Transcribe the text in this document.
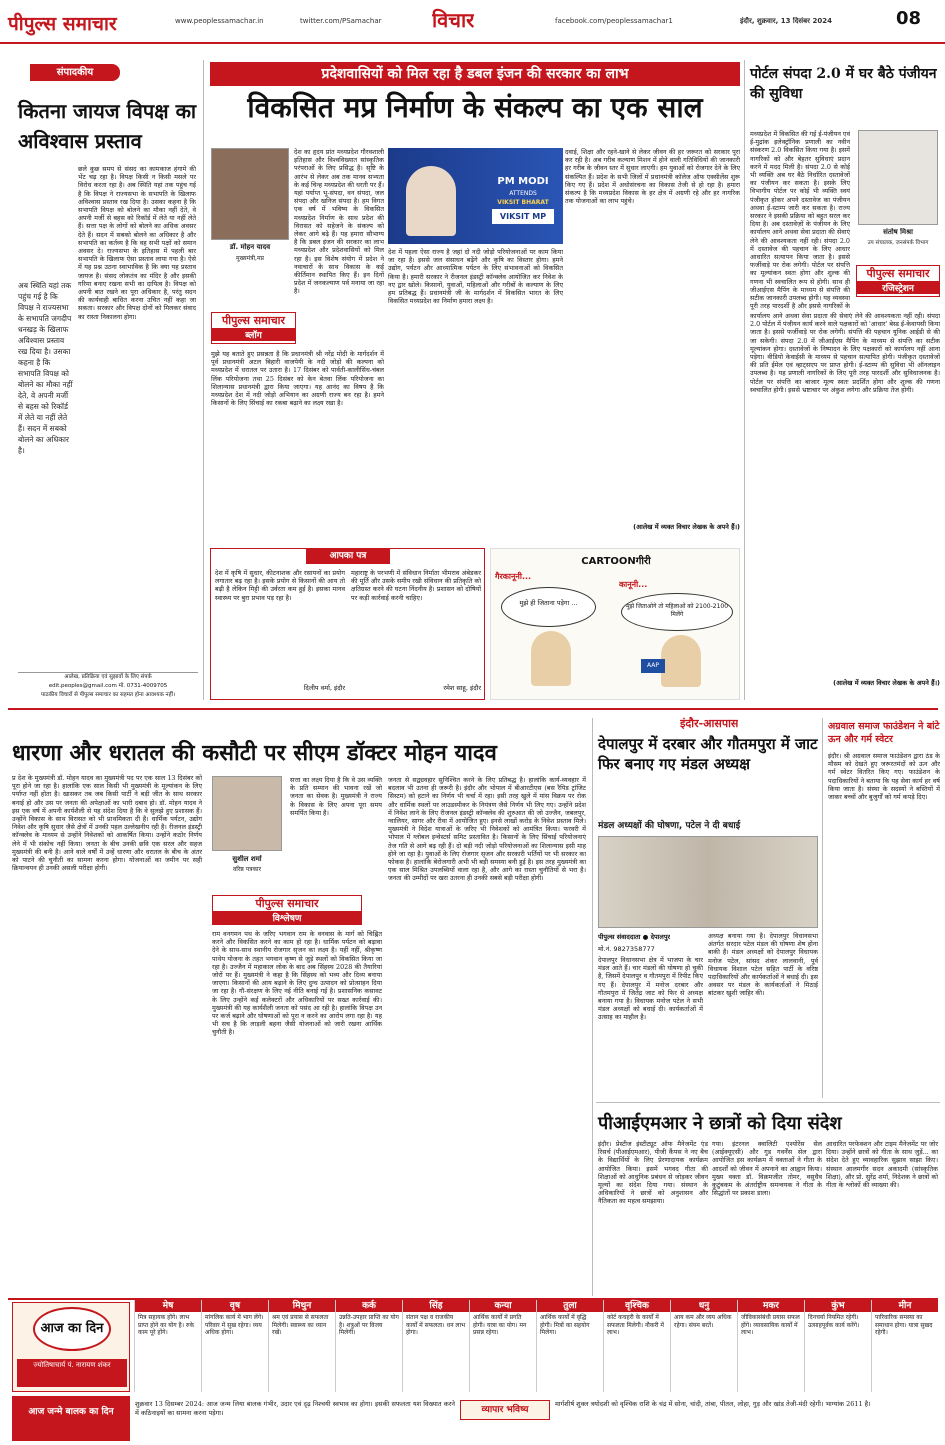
पीपुल्स समाचार	www.peoplessamachar.in	twitter.com/PSamachar	विचार	facebook.com/peoplessamachar1	इंदौर, शुक्रवार, 13 दिसंबर 2024	08
संपादकीय
कितना जायज विपक्ष का अविश्वास प्रस्ताव
अब स्थिति यहां तक पहुंच गई है कि विपक्ष ने राज्यसभा के सभापति जगदीप धनखड़ के खिलाफ अविश्वास प्रस्ताव रख दिया है। उसका कहना है कि सभापति विपक्ष को बोलने का मौका नहीं देते, वे अपनी मर्जी से बहस को रिकॉर्ड में लेते या नहीं लेते हैं। सदन में सबको बोलने का अधिकार है।
छले कुछ समय से संसद का कामकाज हंगामे की भेंट चढ़ रहा है। विपक्ष किसी न किसी मसले पर विरोध करता रहा है। अब स्थिति यहां तक पहुंच गई है कि विपक्ष ने राज्यसभा के सभापति के खिलाफ अविश्वास प्रस्ताव रख दिया है। उसका कहना है कि सभापति विपक्ष को बोलने का मौका नहीं देते, वे अपनी मर्जी से बहस को रिकॉर्ड में लेते या नहीं लेते हैं। सत्ता पक्ष के लोगों को बोलने का अधिक अवसर देते हैं। सदन में सबको बोलने का अधिकार है और सभापति का कर्तव्य है कि वह सभी पक्षों को समान अवसर दे। राज्यसभा के इतिहास में पहली बार सभापति के खिलाफ ऐसा प्रस्ताव लाया गया है। ऐसे में यह प्रश्न उठना स्वाभाविक है कि क्या यह प्रस्ताव जायज है। संसद लोकतंत्र का मंदिर है और इसकी गरिमा बनाए रखना सभी का दायित्व है। विपक्ष को अपनी बात रखने का पूरा अधिकार है, परंतु सदन की कार्यवाही बाधित करना उचित नहीं कहा जा सकता। सरकार और विपक्ष दोनों को मिलकर संवाद का रास्ता निकालना होगा।
आलेख, प्रतिक्रिया एवं सुझावों के लिए संपर्क
edit.peoples@gmail.com मो. 0731-4009705
पाठकीय विचारों से पीपुल्स समाचार का सहमत होना आवश्यक नहीं।
प्रदेशवासियों को मिल रहा है डबल इंजन की सरकार का लाभ
विकसित मप्र निर्माण के संकल्प का एक साल
डॉ. मोहन यादव
मुख्यमंत्री,मप्र
देश का हृदय प्रांत मध्यप्रदेश गौरवशाली इतिहास और विश्वविख्यात सांस्कृतिक परंपराओं के लिए प्रसिद्ध है। सृष्टि के आरंभ से लेकर अब तक मानव सभ्यता के कई चिन्ह मध्यप्रदेश की धरती पर हैं। यहां पर्याप्त भू-संपदा, वन संपदा, जल संपदा और खनिज संपदा है। हम विगत एक वर्ष में भविष्य के विकसित मध्यप्रदेश निर्माण के साथ प्रदेश की विरासत को सहेजने के संकल्प को लेकर आगे बढ़े हैं। यह हमारा सौभाग्य है कि डबल इंजन की सरकार का लाभ मध्यप्रदेश और प्रदेशवासियों को मिल रहा है। इस विशेष संयोग में प्रदेश ने नवाचारों के साथ विकास के कई कीर्तिमान स्थापित किए हैं। इन दिनों प्रदेश में जनकल्याण पर्व मनाया जा रहा है।
PM MODI
ATTENDS
VIKSIT BHARAT
VIKSIT MP
देश में पहला ऐसा राज्य है जहां दो नदी जोड़ो परियोजनाओं पर काम किया जा रहा है। इससे जल संसाधन बढ़ेंगे और कृषि का विस्तार होगा। हमने उद्योग, पर्यटन और आध्यात्मिक पर्यटन के लिए संभावनाओं को विकसित किया है। हमारी सरकार ने रीजनल इंडस्ट्री कॉन्क्लेव आयोजित कर निवेश के नए द्वार खोले। किसानों, युवाओं, महिलाओं और गरीबों के कल्याण के लिए हम प्रतिबद्ध हैं। प्रधानमंत्री जी के मार्गदर्शन में विकसित भारत के लिए विकसित मध्यप्रदेश का निर्माण हमारा लक्ष्य है।
पीपुल्स समाचार
ब्लॉग
मुझे यह बताते हुए प्रसन्नता है कि प्रधानमंत्री श्री नरेंद्र मोदी के मार्गदर्शन में पूर्व प्रधानमंत्री अटल बिहारी वाजपेयी के नदी जोड़ो की कल्पना को मध्यप्रदेश में धरातल पर उतारा है। 17 दिसंबर को पार्वती-कालीसिंध-चंबल लिंक परियोजना तथा 25 दिसंबर को केन बेतवा लिंक परियोजना का शिलान्यास प्रधानमंत्री द्वारा किया जाएगा। यह आनंद का विषय है कि मध्यप्रदेश देश में नदी जोड़ो अभियान का अग्रणी राज्य बन रहा है। हमने किसानों के लिए सिंचाई का रकबा बढ़ाने का लक्ष्य रखा है।
दवाई, शिक्षा और रहने-खाने से लेकर जीवन की हर जरूरत को सरकार पूरा कर रही है। अब गरीब कल्याण मिशन में होने वाली गतिविधियों की जानकारी हर गरीब के जीवन स्तर में सुधार लाएगी। हम युवाओं को रोजगार देने के लिए संकल्पित हैं। प्रदेश के सभी जिलों में प्रधानमंत्री कॉलेज ऑफ एक्सीलेंस शुरू किए गए हैं। प्रदेश में अधोसंरचना का विकास तेजी से हो रहा है। हमारा संकल्प है कि मध्यप्रदेश विकास के हर क्षेत्र में अग्रणी रहे और हर नागरिक तक योजनाओं का लाभ पहुंचे।
(आलेख में व्यक्त विचार लेखक के अपने हैं।)
पोर्टल संपदा 2.0 में घर बैठे पंजीयन की सुविधा
मध्यप्रदेश में विकसित की गई ई-पंजीयन एवं ई-मुद्रांक इलेक्ट्रॉनिक प्रणाली का नवीन संस्करण 2.0 विकसित किया गया है। इसमें नागरिकों को और बेहतर सुविधाएं प्रदान करने में मदद मिली है। संपदा 2.0 से कोई भी व्यक्ति अब घर बैठे निर्धारित दस्तावेजों का पंजीयन कर सकता है। इसके लिए विभागीय पोर्टल पर कोई भी व्यक्ति स्वयं पंजीकृत होकर अपने दस्तावेज का पंजीयन अथवा ई-स्टाम्प जारी कर सकता है। राज्य सरकार ने इसकी प्रक्रिया को बहुत सरल कर दिया है। अब दस्तावेज़ों के पंजीयन के लिए कार्यालय आने अथवा सेवा प्रदाता की सेवाएं लेने की आवश्यकता नहीं रही। संपदा 2.0 में दस्तावेज की पहचान के लिए आधार आधारित सत्यापन किया जाता है। इससे फर्जीवाड़े पर रोक लगेगी। पोर्टल पर संपत्ति का मूल्यांकन स्वतः होगा और शुल्क की गणना भी स्वचालित रूप से होगी। साथ ही जीआईएस मैपिंग के माध्यम से संपत्ति की सटीक जानकारी उपलब्ध होगी। यह व्यवस्था पूरी तरह पारदर्शी है और इससे नागरिकों के
संतोष मिश्रा
उप संचालक, जनसंपर्क विभाग
पीपुल्स समाचार
रजिस्ट्रेशन
कार्यालय आने अथवा सेवा प्रदाता की सेवाएं लेने की आवश्यकता नहीं रही। संपदा 2.0 पोर्टल में पंजीयन कार्य करने वाले पक्षकारों को 'आधार' बेस्ड ई-केवायसी किया जाता है। इससे फर्जीवाड़े पर रोक लगेगी। संपत्ति की पहचान यूनिक आईडी से की जा सकेगी। संपदा 2.0 में जीआईएस मैपिंग के माध्यम से संपत्ति का सटीक मूल्यांकन होगा। दस्तावेजों के निष्पादन के लिए पक्षकारों को कार्यालय नहीं आना पड़ेगा। वीडियो केवाईसी के माध्यम से पहचान सत्यापित होगी। पंजीकृत दस्तावेजों की प्रति ईमेल एवं व्हाट्सएप पर प्राप्त होगी। ई-स्टाम्प की सुविधा भी ऑनलाइन उपलब्ध है। यह प्रणाली नागरिकों के लिए पूरी तरह पारदर्शी और सुविधाजनक है। पोर्टल पर संपत्ति का बाजार मूल्य स्वतः प्रदर्शित होगा और शुल्क की गणना स्वचालित होगी। इससे भ्रष्टाचार पर अंकुश लगेगा और प्रक्रिया तेज होगी।
(आलेख में व्यक्त विचार लेखक के अपने हैं।)
आपका पत्र
देश में कृषि में सुधार, कीटनाशक और रसायनों का प्रयोग लगातार बढ़ रहा है। इसके प्रयोग से किसानों की आय तो बढ़ी है लेकिन मिट्टी की उर्वरता कम हुई है। इसका मानव स्वास्थ्य पर बुरा प्रभाव पड़ रहा है।
दिलीप वर्मा, इंदौर
महाराष्ट्र के परभणी में संविधान निर्माता भीमराव अंबेडकर की मूर्ति और उसके समीप रखी संविधान की प्रतिकृति को क्षतिग्रस्त करने की घटना निंदनीय है। प्रशासन को दोषियों पर कड़ी कार्रवाई करनी चाहिए।
रमेश साहू, इंदौर
CARTOONगीरी
गैरकानूनी...
मुझे ही जिताना पड़ेगा ...
कानूनी...
मुझे जिताओगे तो महिलाओं को 2100-2100 मिलेंगे
AAP
धारणा और धरातल की कसौटी पर सीएम डॉक्टर मोहन यादव
प्र देश के मुख्यमंत्री डॉ. मोहन यादव का मुख्यमंत्री पद पर एक साल 13 दिसंबर को पूरा होने जा रहा है। हालांकि एक साल किसी भी मुख्यमंत्री के मूल्यांकन के लिए पर्याप्त नहीं होता है। खासकर तब जब किसी पार्टी ने बड़ी जीत के साथ सरकार बनाई हो और उस पर जनता की अपेक्षाओं का भारी दबाव हो। डॉ. मोहन यादव ने इस एक वर्ष में अपनी कार्यशैली से यह संदेश दिया है कि वे सुलझे हुए प्रशासक हैं। उन्होंने विकास के साथ विरासत को भी प्राथमिकता दी है। धार्मिक पर्यटन, उद्योग निवेश और कृषि सुधार जैसे क्षेत्रों में उनकी पहल उल्लेखनीय रही है। रीजनल इंडस्ट्री कॉन्क्लेव के माध्यम से उन्होंने निवेशकों को आकर्षित किया। उन्होंने कठोर निर्णय लेने में भी संकोच नहीं किया। जनता के बीच उनकी छवि एक सरल और सहज मुख्यमंत्री की बनी है। आने वाले वर्षों में उन्हें धारणा और धरातल के बीच के अंतर को पाटने की चुनौती का सामना करना होगा। योजनाओं का जमीन पर सही क्रियान्वयन ही उनकी असली परीक्षा होगी।
सुशील शर्मा
वरिष्ठ पत्रकार
पीपुल्स समाचार
विश्लेषण
सत्ता का लक्ष्य दिया है कि वे उस व्यक्ति के प्रति सम्मान की भावना रखें जो जनता का सेवक है। मुख्यमंत्री ने राज्य के विकास के लिए अपना पूरा समय समर्पित किया है।
राम वनगमन पथ के जरिए भगवान राम के वनवास के मार्ग को चिह्नित करने और विकसित करने का काम हो रहा है। धार्मिक पर्यटन को बढ़ावा देने के साथ-साथ स्थानीय रोजगार सृजन का लक्ष्य है। यहीं नहीं, श्रीकृष्ण पाथेय योजना के तहत भगवान कृष्ण से जुड़े स्थलों को विकसित किया जा रहा है। उज्जैन में महाकाल लोक के बाद अब सिंहस्थ 2028 की तैयारियां जोरों पर हैं। मुख्यमंत्री ने कहा है कि सिंहस्थ को भव्य और दिव्य बनाया जाएगा। किसानों की आय बढ़ाने के लिए दुग्ध उत्पादन को प्रोत्साहन दिया जा रहा है। गौ-संरक्षण के लिए नई नीति बनाई गई है। प्रशासनिक कसावट के लिए उन्होंने कई कलेक्टरों और अधिकारियों पर सख्त कार्रवाई की। मुख्यमंत्री की यह कार्यशैली जनता को पसंद आ रही है। हालांकि विपक्ष उन पर कर्ज बढ़ाने और घोषणाओं को पूरा न करने का आरोप लगा रहा है। यह भी सच है कि लाड़ली बहना जैसी योजनाओं को जारी रखना आर्थिक चुनौती है।
जनता से सद्व्यवहार सुनिश्चित करने के लिए प्रतिबद्ध है। हालांकि कार्य-व्यवहार में बदलाव भी उतना ही जरूरी है। इंदौर और भोपाल में बीआरटीएस (बस रैपिड ट्रांजिट सिस्टम) को हटाने का निर्णय भी चर्चा में रहा। इसी तरह खुले में मांस विक्रय पर रोक और धार्मिक स्थलों पर लाउडस्पीकर के नियंत्रण जैसे निर्णय भी लिए गए। उन्होंने प्रदेश में निवेश लाने के लिए रीजनल इंडस्ट्री कॉन्क्लेव की शुरुआत की जो उज्जैन, जबलपुर, ग्वालियर, सागर और रीवा में आयोजित हुए। इनसे लाखों करोड़ के निवेश प्रस्ताव मिले। मुख्यमंत्री ने विदेश यात्राओं के जरिए भी निवेशकों को आमंत्रित किया। फरवरी में भोपाल में ग्लोबल इन्वेस्टर्स समिट प्रस्तावित है। किसानों के लिए सिंचाई परियोजनाएं तेज गति से आगे बढ़ रही हैं। दो बड़ी नदी जोड़ो परियोजनाओं का शिलान्यास इसी माह होने जा रहा है। युवाओं के लिए रोजगार सृजन और सरकारी भर्तियों पर भी सरकार का फोकस है। हालांकि बेरोजगारी अभी भी बड़ी समस्या बनी हुई है। इस तरह मुख्यमंत्री का एक साल मिश्रित उपलब्धियों वाला रहा है, और आगे का रास्ता चुनौतियों से भरा है। जनता की उम्मीदों पर खरा उतरना ही उनकी सबसे बड़ी परीक्षा होगी।
इंदौर-आसपास
देपालपुर में दरबार और गौतमपुरा में जाट फिर बनाए गए मंडल अध्यक्ष
मंडल अध्यक्षों की घोषणा, पटेल ने दी बधाई
पीपुल्स संवाददाता ● देपालपुर
मो.नं. 9827358777
देपालपुर विधानसभा क्षेत्र में भाजपा के चार मंडल आते हैं। चार मंडलों की घोषणा हो चुकी है, जिसमें देपालपुर व गौतमपुरा में रिपीट किए गए हैं। देपालपुर में मनोज दरबार और गौतमपुरा में जितेंद्र जाट को फिर से अध्यक्ष बनाया गया है। विधायक मनोज पटेल ने सभी मंडल अध्यक्षों को बधाई दी। कार्यकर्ताओं में उत्साह का माहौल है।
अध्यक्ष बनाया गया है। देपालपुर विधानसभा अंतर्गत सरदार पटेल मंडल की घोषणा शेष होना बाकी है। मंडल अध्यक्षों को देपालपुर विधायक मनोज पटेल, सांसद शंकर लालवानी, पूर्व विधायक विशाल पटेल सहित पार्टी के वरिष्ठ पदाधिकारियों और कार्यकर्ताओं ने बधाई दी। इस अवसर पर मंडल के कार्यकर्ताओं ने मिठाई बांटकर खुशी जाहिर की।
अग्रवाल समाज फाउंडेशन ने बांटे ऊन और गर्म स्वेटर
इंदौर। श्री अग्रवाल समाज फाउंडेशन द्वारा ठंड के मौसम को देखते हुए जरूरतमंदों को ऊन और गर्म स्वेटर वितरित किए गए। फाउंडेशन के पदाधिकारियों ने बताया कि यह सेवा कार्य हर वर्ष किया जाता है। संस्था के सदस्यों ने बस्तियों में जाकर बच्चों और बुजुर्गों को गर्म कपड़े दिए।
पीआईएमआर ने छात्रों को दिया संदेश
इंदौर। प्रेस्टीज इंस्टीट्यूट ऑफ मैनेजमेंट एंड रिसर्च (पीआईएमआर), पीजी कैंपस ने नए बैच के विद्यार्थियों के लिए प्रेरणादायक कार्यक्रम आयोजित किया। इसमें भगवद गीता की शिक्षाओं को आधुनिक प्रबंधन से जोड़कर जीवन मूल्यों का संदेश दिया गया। संस्थान के अधिकारियों ने छात्रों को अनुशासन और नैतिकता का महत्व समझाया।
गया। इंटरनल क्वालिटी एश्योरेंस सेल (आईक्यूएसी) और गुड गवर्नेंस सेल द्वारा आयोजित इस कार्यक्रम में वक्ताओं ने गीता के आदर्शों को जीवन में अपनाने का आह्वान किया। मुख्य वक्ता डॉ. विक्रमजीत तोमर, वसुधैव कुटुंबकम के अंतर्राष्ट्रीय समन्वयक ने गीता के सिद्धांतों पर प्रकाश डाला।
आधारित परफेक्शन और टाइम मैनेजमेंट पर जोर दिया। उन्होंने छात्रों को गीता के साथ जुड़ें... का संदेश देते हुए व्यावहारिक सुझाव साझा किए। संस्थान आलमगीर सदन अकादमी (सांस्कृतिक शिक्षा), और प्रो. सुरेंद्र शर्मा, निदेशक ने छात्रों को गीता के श्लोकों की व्याख्या की।
आज का दिन
ज्योतिषाचार्य पं. नारायण शंकर
मेष
मित्र सहायक होंगे। लाभ प्राप्त होने का योग है। रुके काम पूरे होंगे।
वृष
मांगलिक कार्य में भाग लेंगे। परिवार में सुख रहेगा। व्यय अधिक होगा।
मिथुन
श्रम एवं प्रयास से सफलता मिलेगी। स्वास्थ्य का ध्यान रखें।
कर्क
उन्नति-उपहार प्राप्ति का योग है। शत्रुओं पर विजय मिलेगी।
सिंह
संतान पक्ष व राजकीय कार्यों में सफलता। धन लाभ होगा।
कन्या
आर्थिक कार्यों में प्रगति होगी। यात्रा का योग। मन प्रसन्न रहेगा।
तुला
आर्थिक कार्यों में वृद्धि होगी। मित्रों का सहयोग मिलेगा।
वृश्चिक
कोर्ट कचहरी के कार्यों में सफलता मिलेगी। नौकरी में लाभ।
धनु
आय कम और व्यय अधिक रहेगा। संयम बरतें।
मकर
जीविकासंबंधी प्रयास सफल होंगे। व्यावसायिक कार्यों में लाभ।
कुंभ
दिनचर्या नियमित रहेगी। उत्साहपूर्वक कार्य करेंगे।
मीन
पारिवारिक समस्या का समाधान होगा। यात्रा सुखद रहेगी।
आज जन्मे बालक का दिन
शुक्रवार 13 दिसम्बर 2024: आज जन्म लिया बालक गंभीर, उदार एवं दृढ़ निश्चयी स्वभाव का होगा। इसकी सफलता यश विख्यात करने में कठिनाइयों का सामना करना पड़ेगा।	व्यापार भविष्य
मार्गशीर्ष शुक्ल त्रयोदशी को वृश्चिक राशि के चंद्र में सोना, चांदी, तांबा, पीतल, लोहा, गुड़ और खांड तेजी-मंदी रहेगी। भाग्यांक 2611 है।
